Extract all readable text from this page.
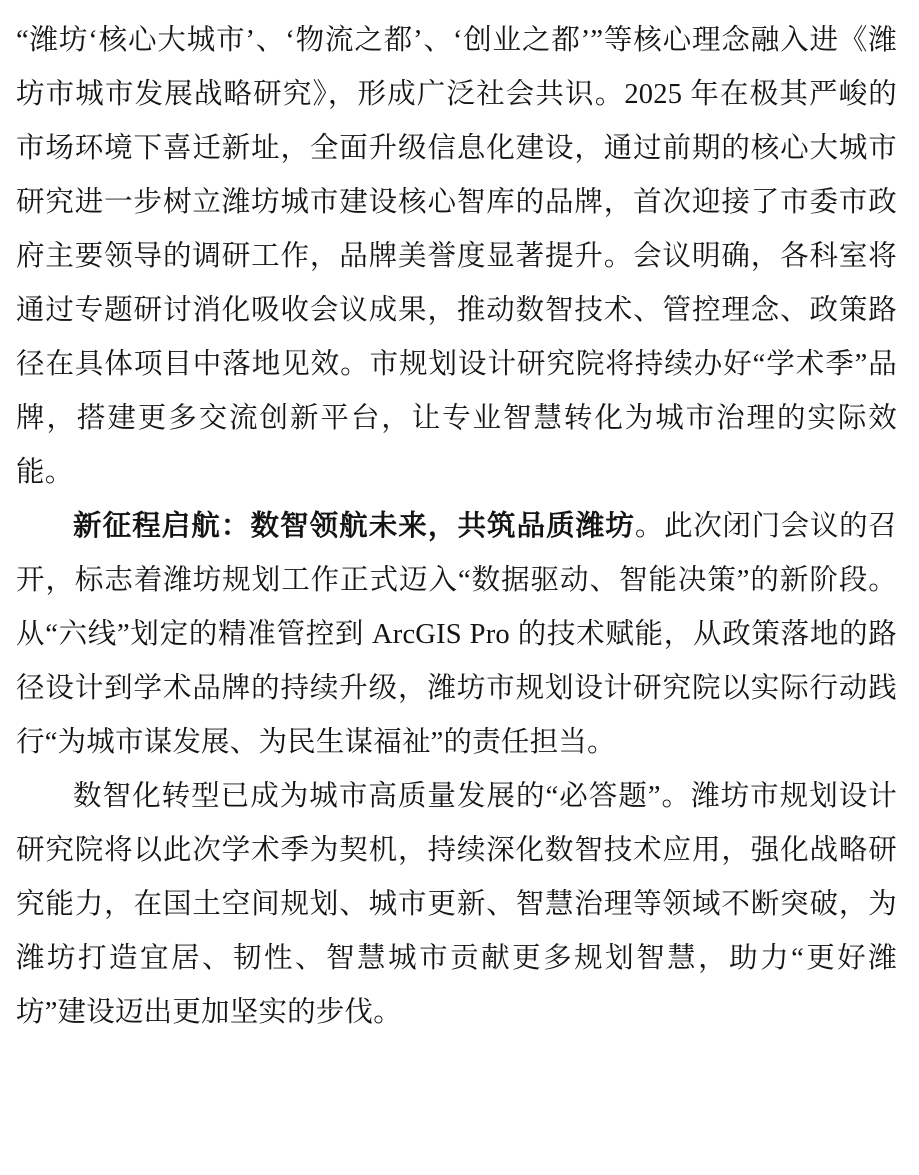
“潍坊‘核心大城市’、‘物流之都’、‘创业之都’”等核心理念融入进《潍坊市城市发展战略研究》，形成广泛社会共识。2025 年在极其严峻的市场环境下喜迁新址，全面升级信息化建设，通过前期的核心大城市研究进一步树立潍坊城市建设核心智库的品牌，首次迎接了市委市政府主要领导的调研工作，品牌美誉度显著提升。会议明确，各科室将通过专题研讨消化吸收会议成果，推动数智技术、管控理念、政策路径在具体项目中落地见效。市规划设计研究院将持续办好“学术季”品牌，搭建更多交流创新平台，让专业智慧转化为城市治理的实际效能。

新征程启航：数智领航未来，共筑品质潍坊。此次闭门会议的召开，标志着潍坊规划工作正式迈入“数据驱动、智能决策”的新阶段。从“六线”划定的精准管控到 ArcGIS Pro 的技术赋能，从政策落地的路径设计到学术品牌的持续升级，潍坊市规划设计研究院以实际行动践行“为城市谋发展、为民生谋福祉”的责任担当。

数智化转型已成为城市高质量发展的“必答题”。潍坊市规划设计研究院将以此次学术季为契机，持续深化数智技术应用，强化战略研究能力，在国土空间规划、城市更新、智慧治理等领域不断突破，为潍坊打造宜居、韧性、智慧城市贡献更多规划智慧，助力“更好潍坊”建设迈出更加坚实的步伐。
